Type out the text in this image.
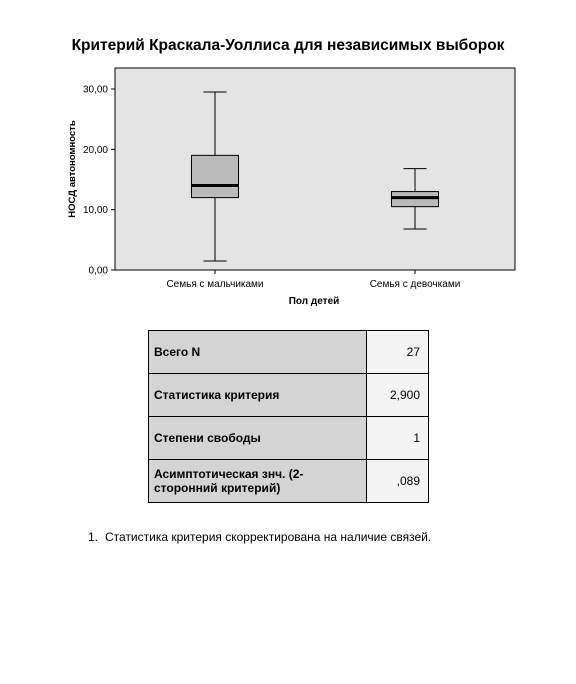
Критерий Краскала-Уоллиса для независимых выборок
0,00
10,00
20,00
30,00
Семья с мальчиками	Семья с девочками
НОСД автономность
Пол детей
Всего N	27
Статистика критерия	2,900
Степени свободы	1
Асимптотическая знч. (2-сторонний критерий)	,089
1. Статистика критерия скорректирована на наличие связей.
